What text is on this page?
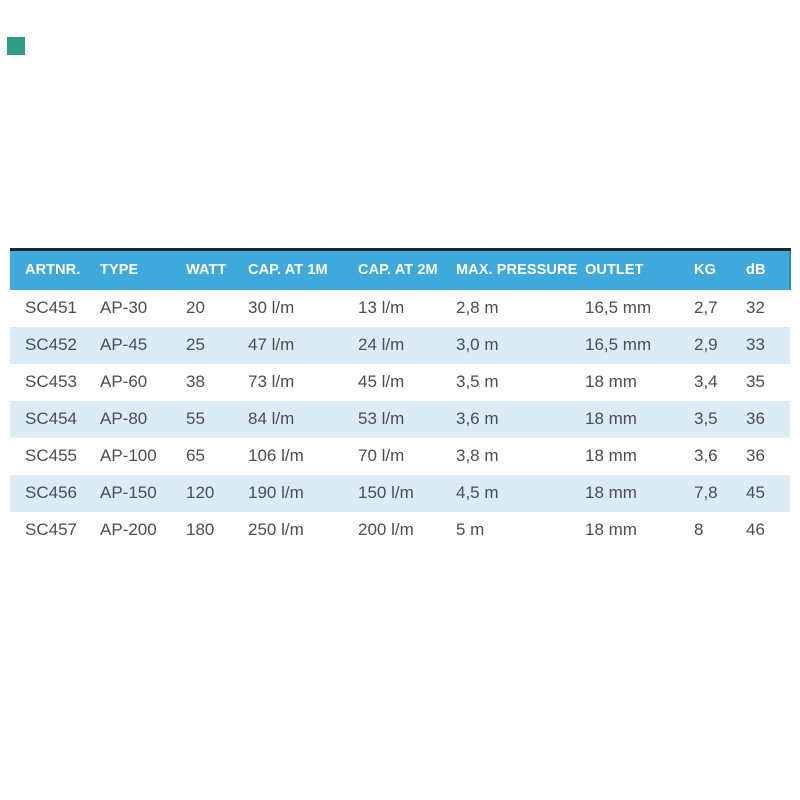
ARTNR.	TYPE	WATT	CAP. AT 1M	CAP. AT 2M	MAX. PRESSURE	OUTLET	KG	dB
SC451	AP-30	20	30 l/m	13 l/m	2,8 m	16,5 mm	2,7	32
SC452	AP-45	25	47 l/m	24 l/m	3,0 m	16,5 mm	2,9	33
SC453	AP-60	38	73 l/m	45 l/m	3,5 m	18 mm	3,4	35
SC454	AP-80	55	84 l/m	53 l/m	3,6 m	18 mm	3,5	36
SC455	AP-100	65	106 l/m	70 l/m	3,8 m	18 mm	3,6	36
SC456	AP-150	120	190 l/m	150 l/m	4,5 m	18 mm	7,8	45
SC457	AP-200	180	250 l/m	200 l/m	5 m	18 mm	8	46
